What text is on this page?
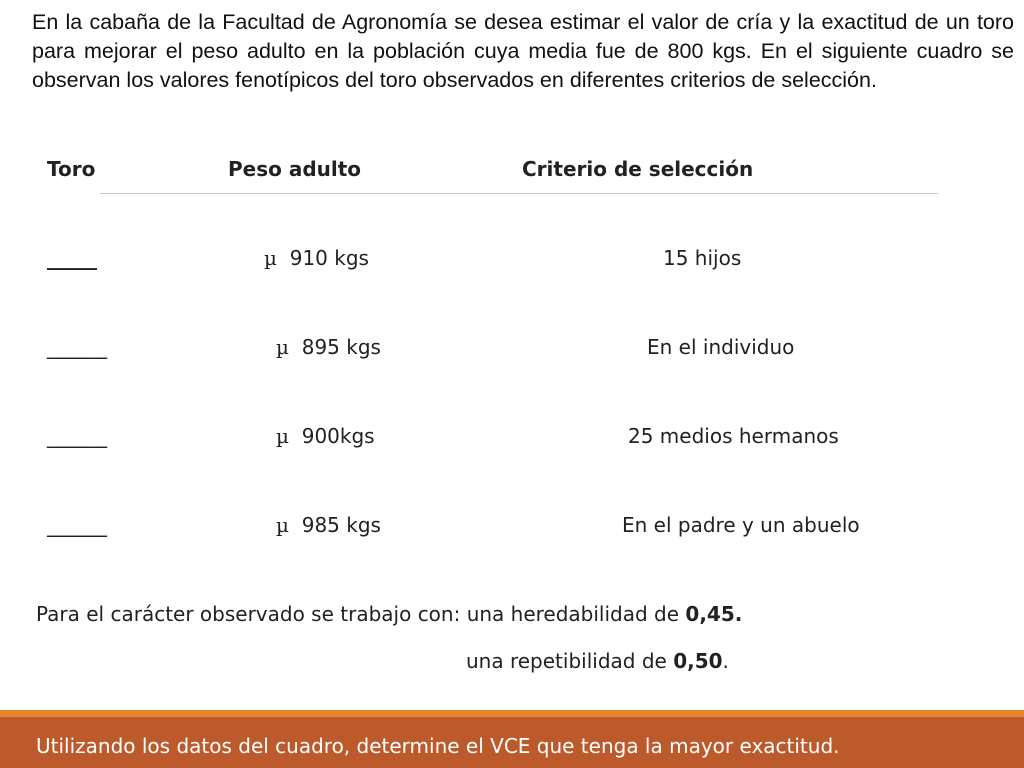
En la cabaña de la Facultad de Agronomía se desea estimar el valor de cría y la exactitud de un toro para mejorar el peso adulto en la población cuya media fue de 800 kgs. En el siguiente cuadro se observan los valores fenotípicos del toro observados en diferentes criterios de selección.

Toro	Peso adulto	Criterio de selección
_____	µ 910 kgs	15 hijos
______	µ 895 kgs	En el individuo
______	µ 900kgs	25 medios hermanos
______	µ 985 kgs	En el padre y un abuelo
Para el carácter observado se trabajo con: una heredabilidad de 0,45.
una repetibilidad de 0,50.
Utilizando los datos del cuadro, determine el VCE que tenga la mayor exactitud.
